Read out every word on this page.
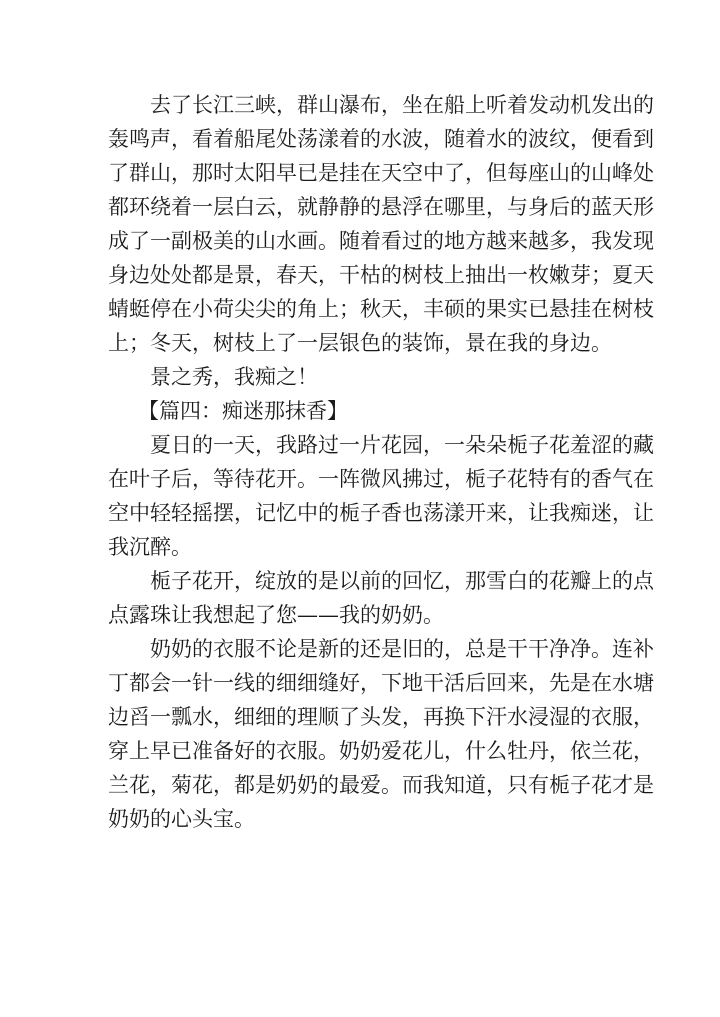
去了长江三峡，群山瀑布，坐在船上听着发动机发出的
轰鸣声，看着船尾处荡漾着的水波，随着水的波纹，便看到
了群山，那时太阳早已是挂在天空中了，但每座山的山峰处
都环绕着一层白云，就静静的悬浮在哪里，与身后的蓝天形
成了一副极美的山水画。随着看过的地方越来越多，我发现
身边处处都是景，春天，干枯的树枝上抽出一枚嫩芽；夏天
蜻蜓停在小荷尖尖的角上；秋天，丰硕的果实已悬挂在树枝
上；冬天，树枝上了一层银色的装饰，景在我的身边。
景之秀，我痴之！
【篇四：痴迷那抹香】
夏日的一天，我路过一片花园，一朵朵栀子花羞涩的藏
在叶子后，等待花开。一阵微风拂过，栀子花特有的香气在
空中轻轻摇摆，记忆中的栀子香也荡漾开来，让我痴迷，让
我沉醉。
栀子花开，绽放的是以前的回忆，那雪白的花瓣上的点
点露珠让我想起了您——我的奶奶。
奶奶的衣服不论是新的还是旧的，总是干干净净。连补
丁都会一针一线的细细缝好，下地干活后回来，先是在水塘
边舀一瓢水，细细的理顺了头发，再换下汗水浸湿的衣服，
穿上早已准备好的衣服。奶奶爱花儿，什么牡丹，依兰花，
兰花，菊花，都是奶奶的最爱。而我知道，只有栀子花才是
奶奶的心头宝。
